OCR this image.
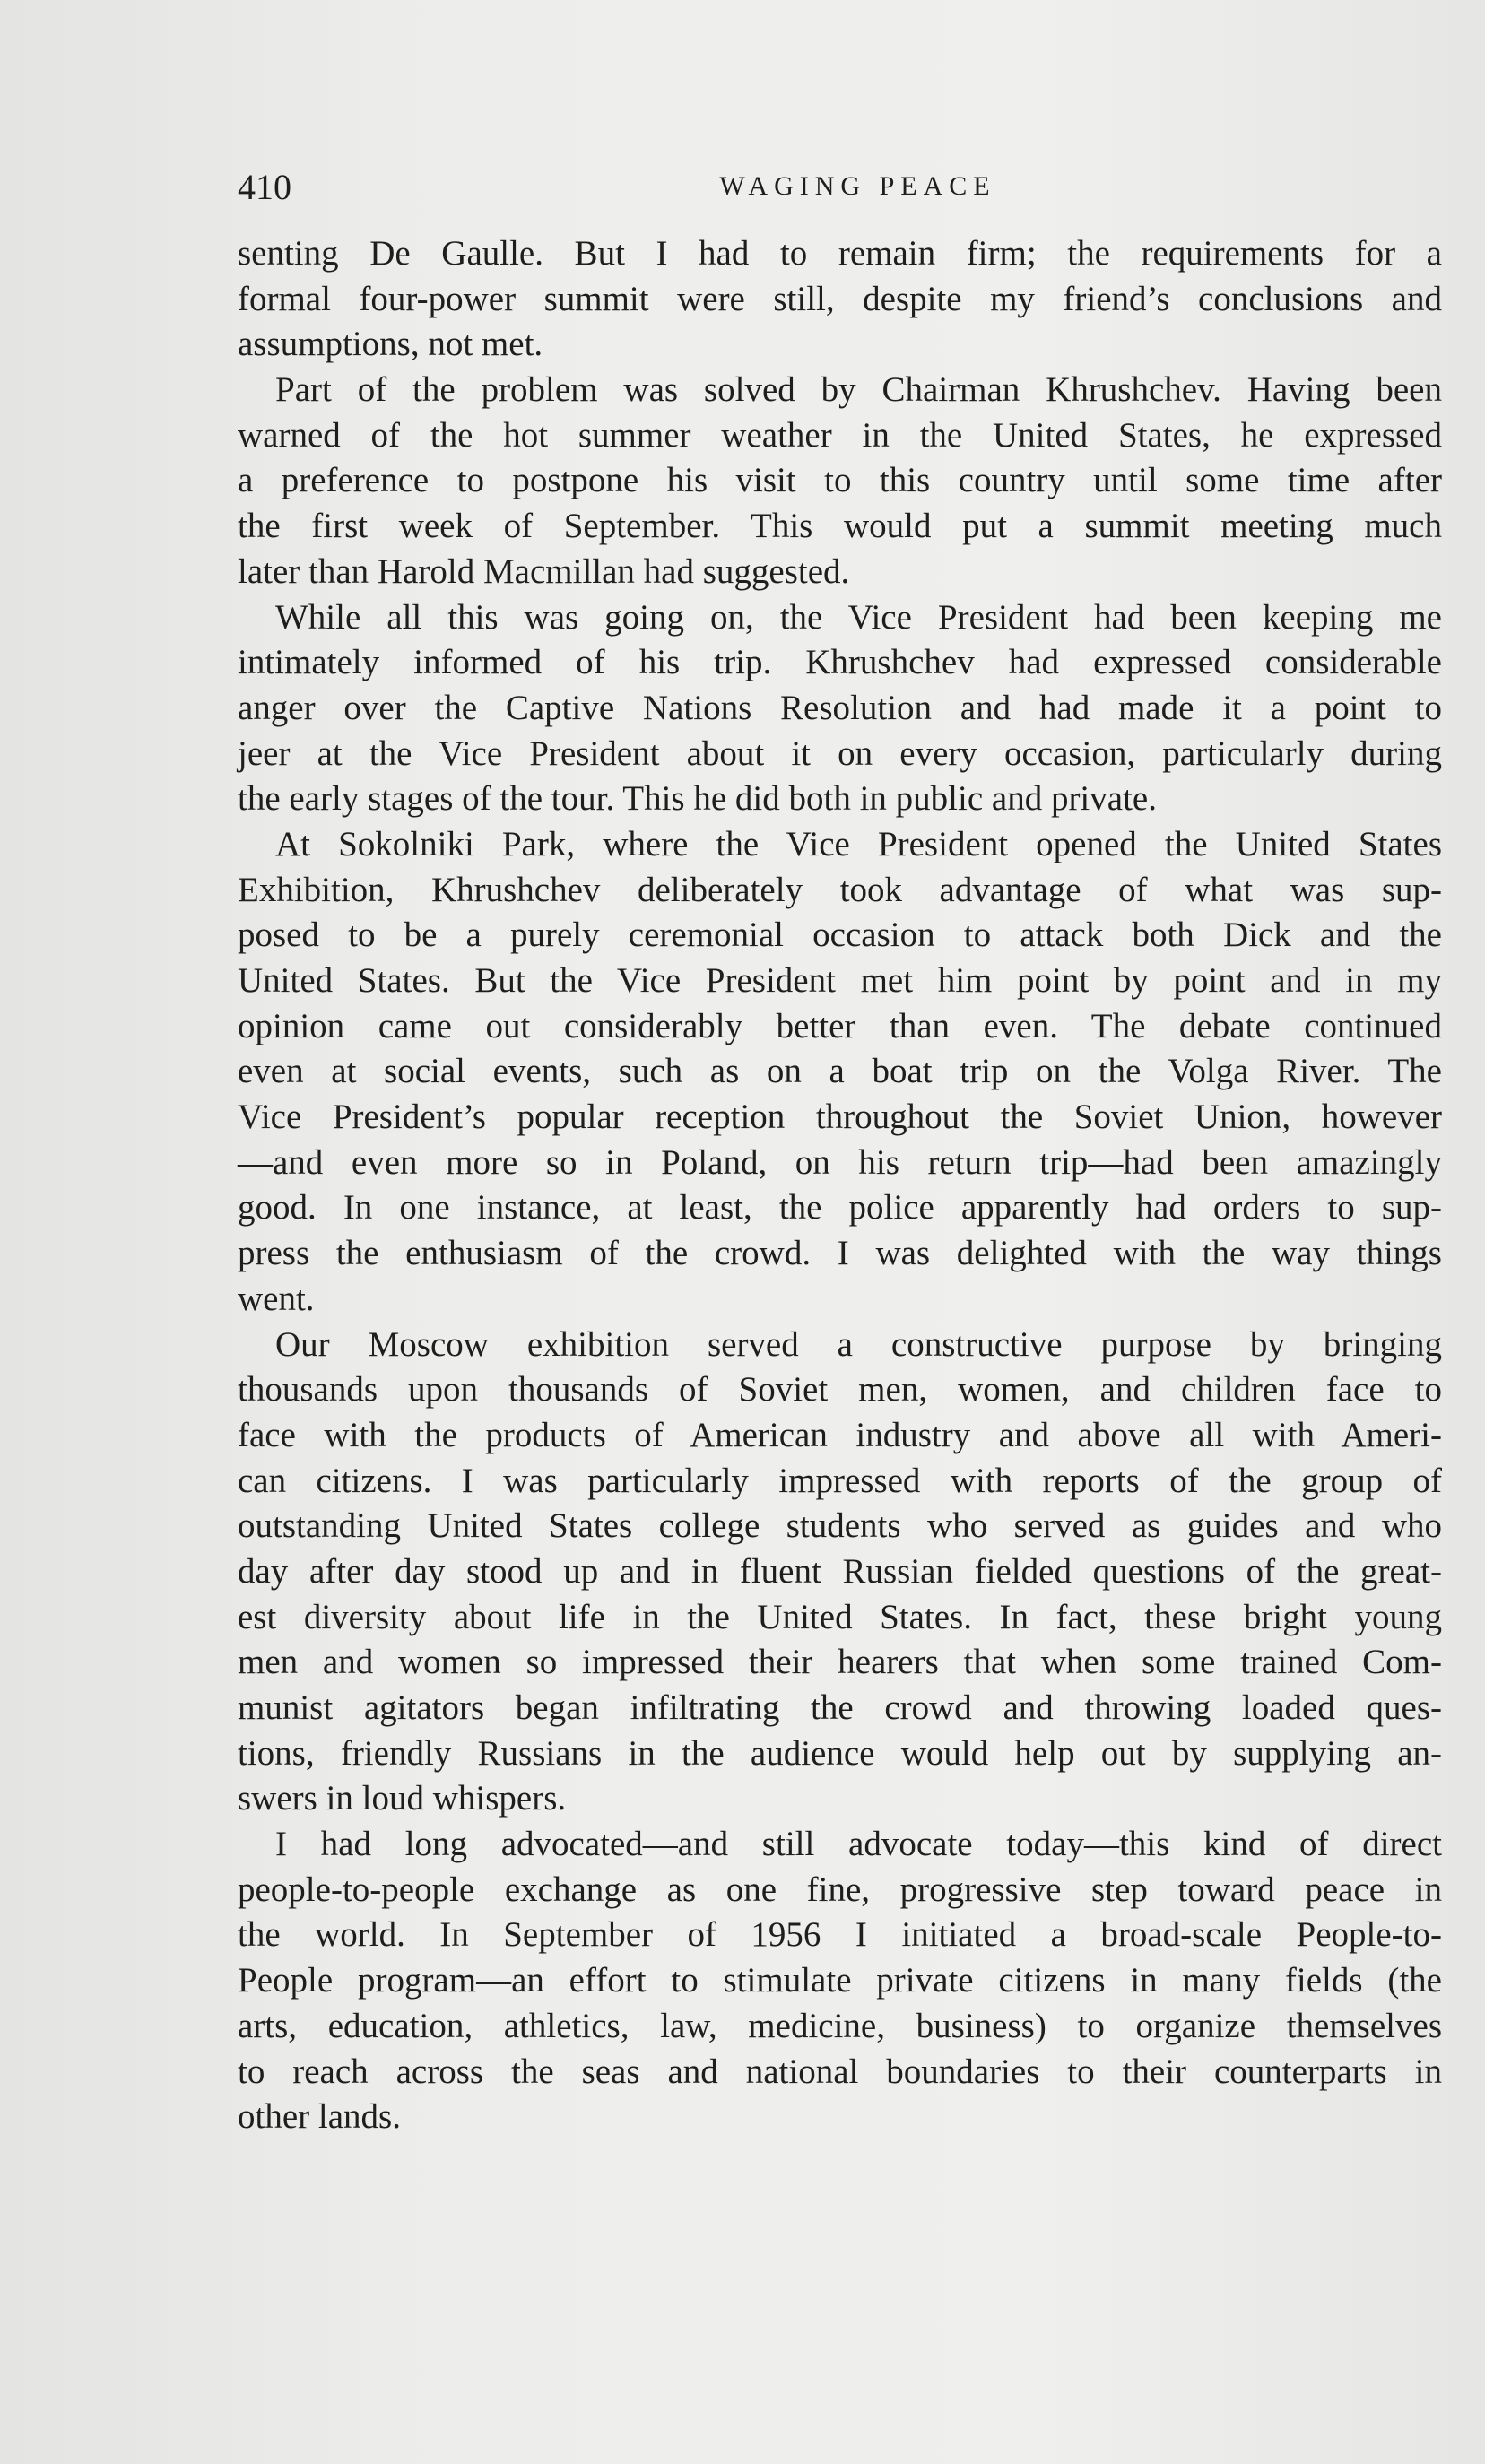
410	WAGING PEACE
senting De Gaulle. But I had to remain firm; the requirements for a
formal four-power summit were still, despite my friend’s conclusions and
assumptions, not met.
Part of the problem was solved by Chairman Khrushchev. Having been
warned of the hot summer weather in the United States, he expressed
a preference to postpone his visit to this country until some time after
the first week of September. This would put a summit meeting much
later than Harold Macmillan had suggested.
While all this was going on, the Vice President had been keeping me
intimately informed of his trip. Khrushchev had expressed considerable
anger over the Captive Nations Resolution and had made it a point to
jeer at the Vice President about it on every occasion, particularly during
the early stages of the tour. This he did both in public and private.
At Sokolniki Park, where the Vice President opened the United States
Exhibition, Khrushchev deliberately took advantage of what was sup-
posed to be a purely ceremonial occasion to attack both Dick and the
United States. But the Vice President met him point by point and in my
opinion came out considerably better than even. The debate continued
even at social events, such as on a boat trip on the Volga River. The
Vice President’s popular reception throughout the Soviet Union, however
—and even more so in Poland, on his return trip—had been amazingly
good. In one instance, at least, the police apparently had orders to sup-
press the enthusiasm of the crowd. I was delighted with the way things
went.
Our Moscow exhibition served a constructive purpose by bringing
thousands upon thousands of Soviet men, women, and children face to
face with the products of American industry and above all with Ameri-
can citizens. I was particularly impressed with reports of the group of
outstanding United States college students who served as guides and who
day after day stood up and in fluent Russian fielded questions of the great-
est diversity about life in the United States. In fact, these bright young
men and women so impressed their hearers that when some trained Com-
munist agitators began infiltrating the crowd and throwing loaded ques-
tions, friendly Russians in the audience would help out by supplying an-
swers in loud whispers.
I had long advocated—and still advocate today—this kind of direct
people-to-people exchange as one fine, progressive step toward peace in
the world. In September of 1956 I initiated a broad-scale People-to-
People program—an effort to stimulate private citizens in many fields (the
arts, education, athletics, law, medicine, business) to organize themselves
to reach across the seas and national boundaries to their counterparts in
other lands.
